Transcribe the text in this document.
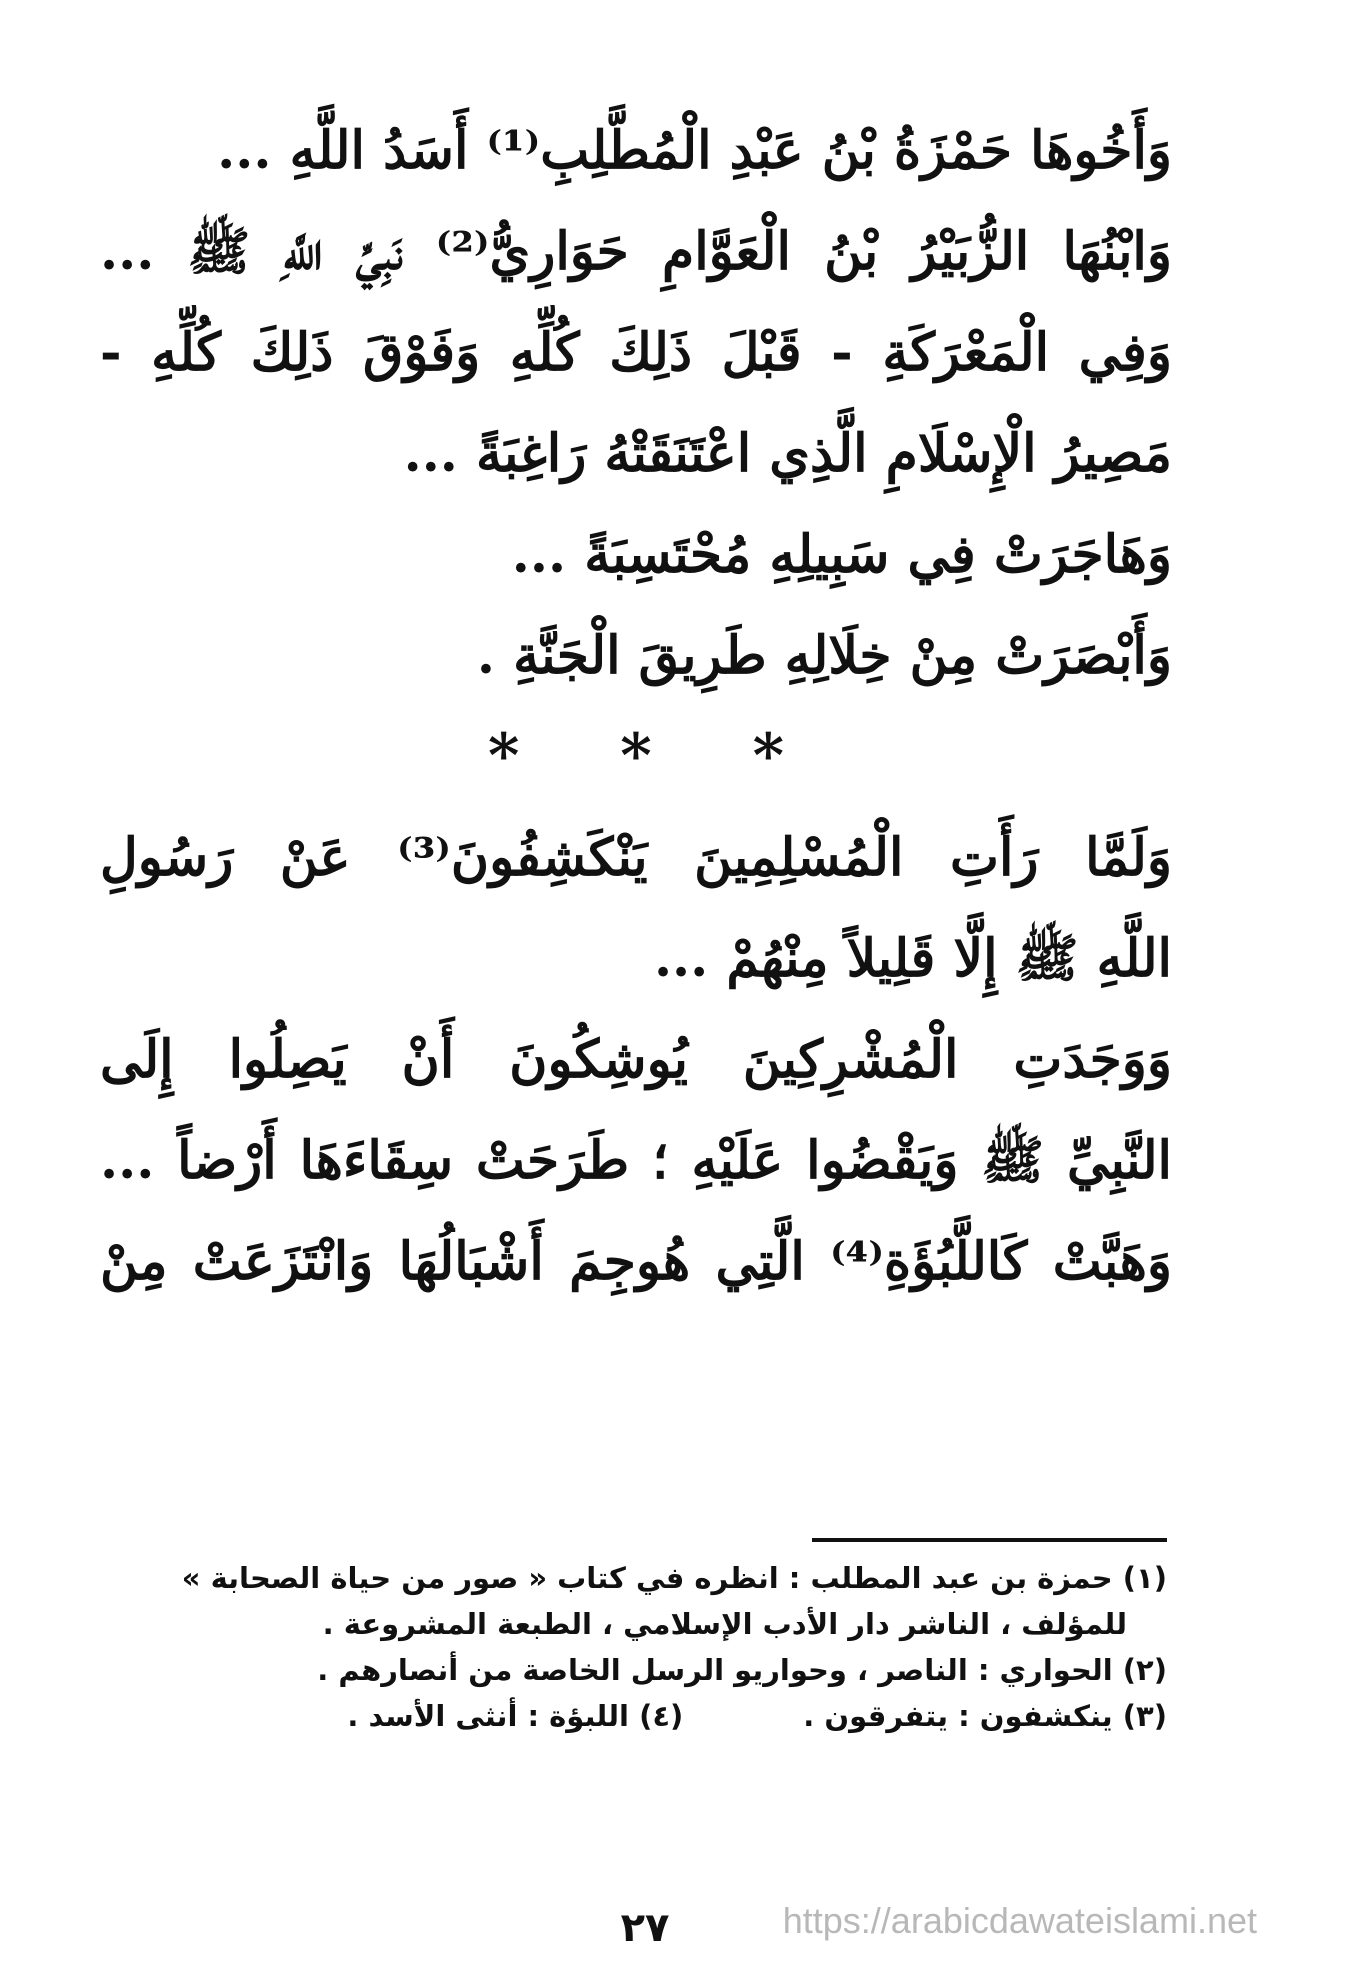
وَأَخُوهَا حَمْزَةُ بْنُ عَبْدِ الْمُطَّلِبِ⁽¹⁾ أَسَدُ اللَّهِ ...
وَابْنُهَا الزُّبَيْرُ بْنُ الْعَوَّامِ حَوَارِيُّ⁽²⁾ نَبِيِّ اللَّهِ ﷺ ...
وَفِي الْمَعْرَكَةِ - قَبْلَ ذَلِكَ كُلِّهِ وَفَوْقَ ذَلِكَ كُلِّهِ -
مَصِيرُ الْإِسْلَامِ الَّذِي اعْتَنَقَتْهُ رَاغِبَةً ...
وَهَاجَرَتْ فِي سَبِيلِهِ مُحْتَسِبَةً ...
وَأَبْصَرَتْ مِنْ خِلَالِهِ طَرِيقَ الْجَنَّةِ .
* * *
وَلَمَّا رَأَتِ الْمُسْلِمِينَ يَنْكَشِفُونَ⁽³⁾ عَنْ رَسُولِ
اللَّهِ ﷺ إِلَّا قَلِيلاً مِنْهُمْ ...
وَوَجَدَتِ الْمُشْرِكِينَ يُوشِكُونَ أَنْ يَصِلُوا إِلَى
النَّبِيِّ ﷺ وَيَقْضُوا عَلَيْهِ ؛ طَرَحَتْ سِقَاءَهَا أَرْضاً ...
وَهَبَّتْ كَاللَّبُؤَةِ⁽⁴⁾ الَّتِي هُوجِمَ أَشْبَالُهَا وَانْتَزَعَتْ مِنْ
(١) حمزة بن عبد المطلب : انظره في كتاب « صور من حياة الصحابة »
للمؤلف ، الناشر دار الأدب الإسلامي ، الطبعة المشروعة .
(٢) الحواري : الناصر ، وحواريو الرسل الخاصة من أنصارهم .
(٣) ينكشفون : يتفرقون .
(٤) اللبؤة : أنثى الأسد .
٢٧	https://arabicdawateislami.net
